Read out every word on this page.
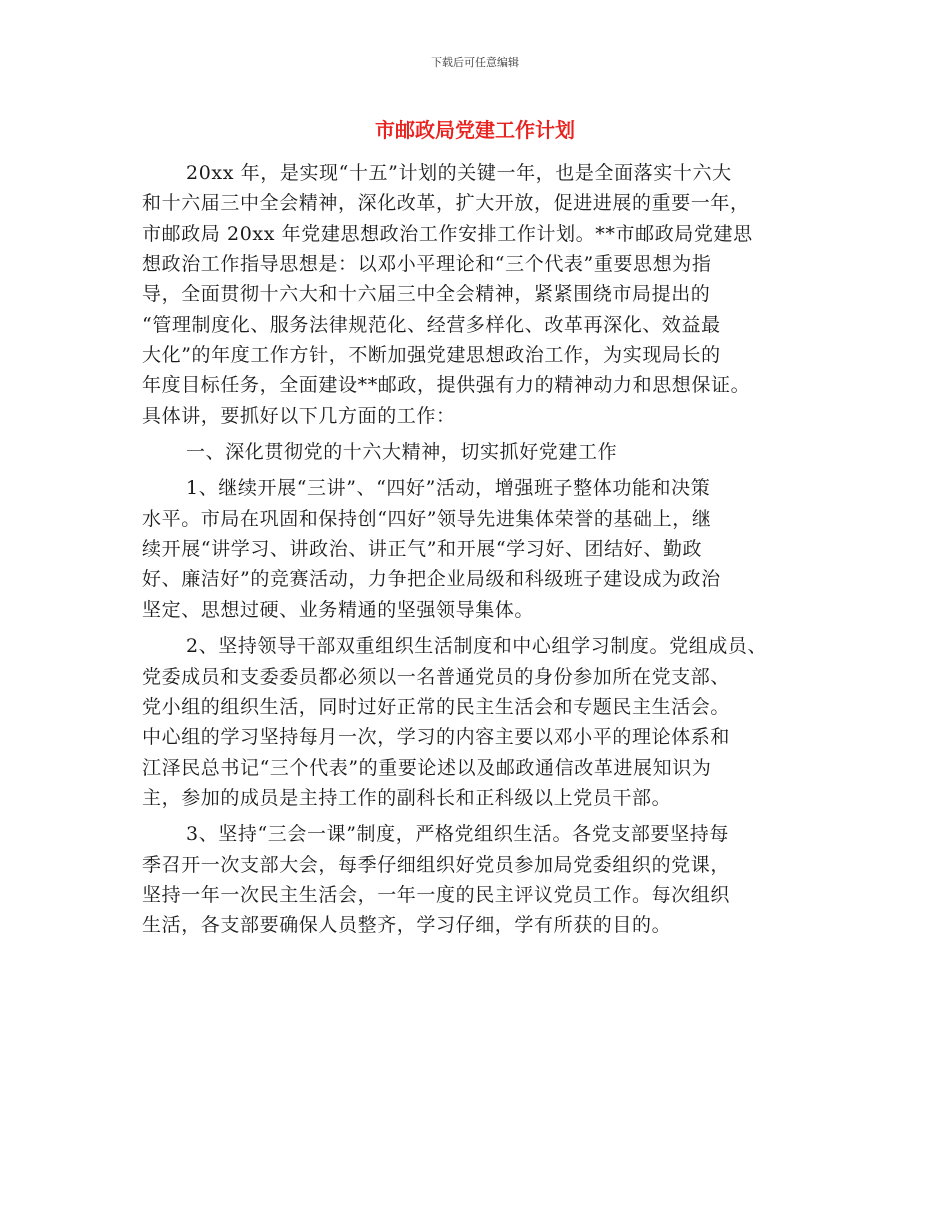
下载后可任意编辑
市邮政局党建工作计划
20xx 年，是实现“十五”计划的关键一年，也是全面落实十六大
和十六届三中全会精神，深化改革，扩大开放，促进进展的重要一年，
市邮政局 20xx 年党建思想政治工作安排工作计划。**市邮政局党建思
想政治工作指导思想是：以邓小平理论和“三个代表”重要思想为指
导，全面贯彻十六大和十六届三中全会精神，紧紧围绕市局提出的
“管理制度化、服务法律规范化、经营多样化、改革再深化、效益最
大化”的年度工作方针，不断加强党建思想政治工作，为实现局长的
年度目标任务，全面建设**邮政，提供强有力的精神动力和思想保证。
具体讲，要抓好以下几方面的工作：
一、深化贯彻党的十六大精神，切实抓好党建工作
1、继续开展“三讲”、“四好”活动，增强班子整体功能和决策
水平。市局在巩固和保持创“四好”领导先进集体荣誉的基础上，继
续开展“讲学习、讲政治、讲正气”和开展“学习好、团结好、勤政
好、廉洁好”的竞赛活动，力争把企业局级和科级班子建设成为政治
坚定、思想过硬、业务精通的坚强领导集体。
2、坚持领导干部双重组织生活制度和中心组学习制度。党组成员、
党委成员和支委委员都必须以一名普通党员的身份参加所在党支部、
党小组的组织生活，同时过好正常的民主生活会和专题民主生活会。
中心组的学习坚持每月一次，学习的内容主要以邓小平的理论体系和
江泽民总书记“三个代表”的重要论述以及邮政通信改革进展知识为
主，参加的成员是主持工作的副科长和正科级以上党员干部。
3、坚持“三会一课”制度，严格党组织生活。各党支部要坚持每
季召开一次支部大会，每季仔细组织好党员参加局党委组织的党课，
坚持一年一次民主生活会，一年一度的民主评议党员工作。每次组织
生活，各支部要确保人员整齐，学习仔细，学有所获的目的。
